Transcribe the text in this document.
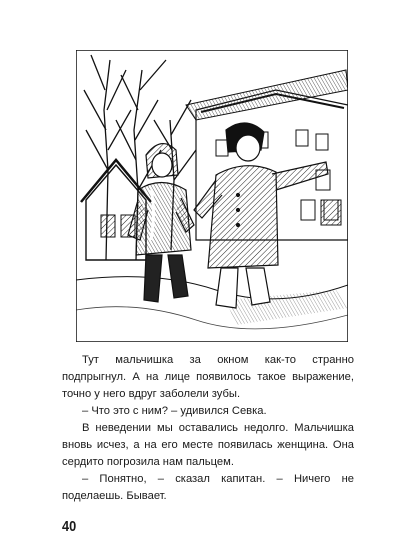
Тут мальчишка за окном как-то странно подпрыгнул. А на лице появилось такое выражение, точно у него вдруг заболели зубы.

– Что это с ним? – удивился Севка.

В неведении мы оставались недолго. Мальчишка вновь исчез, а на его месте появилась женщина. Она сердито погрозила нам пальцем.

– Понятно, – сказал капитан. – Ничего не поделаешь. Бывает.

40
